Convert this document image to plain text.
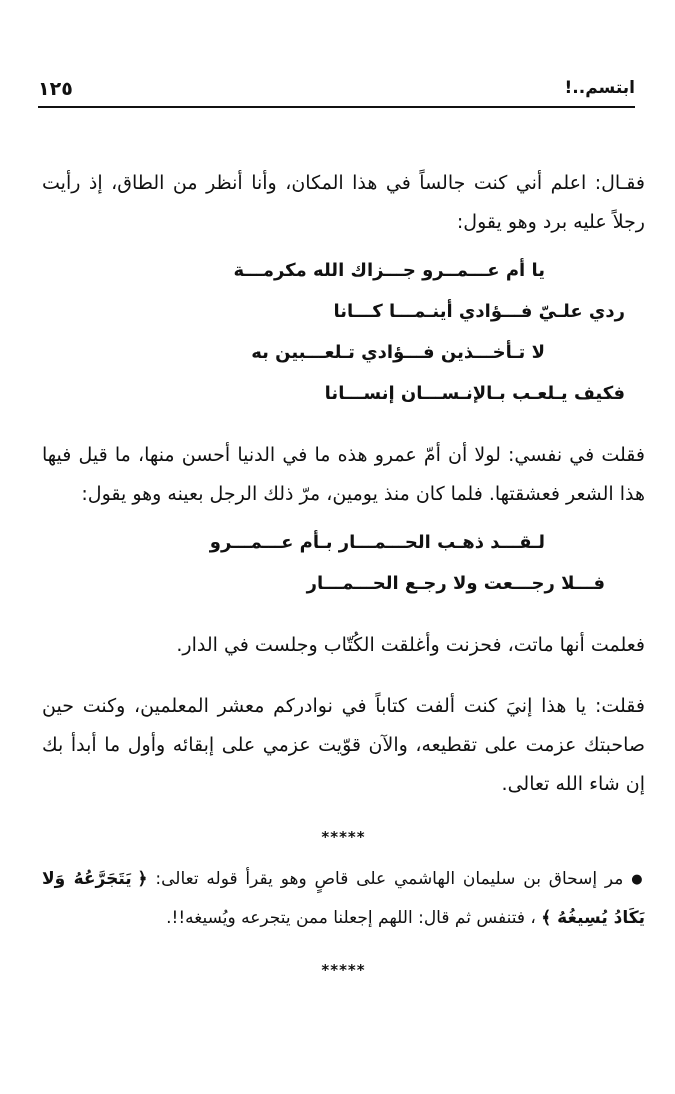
ابتسم..!
١٢٥

فقـال: اعلم أني كنت جالساً في هذا المكان، وأنا أنظر من الطاق، إذ رأيت رجلاً عليه برد وهو يقول:

يا أم عـــمــرو جـــزاك الله مكرمـــة

ردي علـيّ فـــؤادي أينـمـــا كـــانا

لا تـأخـــذين فـــؤادي تـلعـــبين به

فكيف يـلعـب بـالإنـســـان إنســـانا

فقلت في نفسي: لولا أن أمّ عمرو هذه ما في الدنيا أحسن منها، ما قيل فيها هذا الشعر فعشقتها. فلما كان منذ يومين، مرّ ذلك الرجل بعينه وهو يقول:

لـقـــد ذهـب الحـــمـــار بـأم عـــمـــرو

فـــلا رجـــعت ولا رجـع الحـــمـــار

فعلمت أنها ماتت، فحزنت وأغلقت الكُتّاب وجلست في الدار.

فقلت: يا هذا إنيَ كنت ألفت كتاباً في نوادركم معشر المعلمين، وكنت حين صاحبتك عزمت على تقطيعه، والآن قوّيت عزمي على إبقائه وأول ما أبدأ بك إن شاء الله تعالى.

*****

● مر إسحاق بن سليمان الهاشمي على قاصٍ وهو يقرأ قوله تعالى: ﴿ يَتَجَرَّعُهُ وَلا يَكَادُ يُسِيغُهُ ﴾ ، فتنفس ثم قال: اللهم إجعلنا ممن يتجرعه ويُسيغه!!.

*****
